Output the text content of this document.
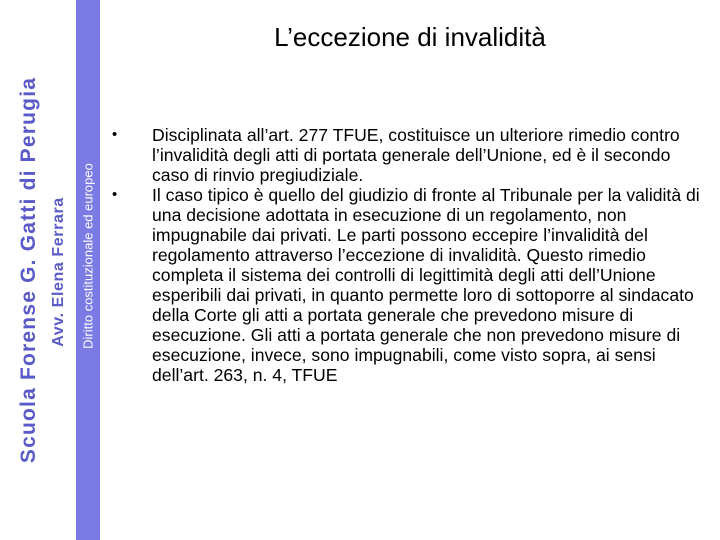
Scuola Forense G. Gatti di Perugia Avv. Elena Ferrara Diritto costituzionale ed europeo
L’eccezione di invalidità
• Disciplinata all’art. 277 TFUE, costituisce un ulteriore rimedio contro l’invalidità degli atti di portata generale dell’Unione, ed è il secondo caso di rinvio pregiudiziale.
• Il caso tipico è quello del giudizio di fronte al Tribunale per la validità di una decisione adottata in esecuzione di un regolamento, non impugnabile dai privati. Le parti possono eccepire l’invalidità del regolamento attraverso l’eccezione di invalidità. Questo rimedio completa il sistema dei controlli di legittimità degli atti dell’Unione esperibili dai privati, in quanto permette loro di sottoporre al sindacato della Corte gli atti a portata generale che prevedono misure di esecuzione. Gli atti a portata generale che non prevedono misure di esecuzione, invece, sono impugnabili, come visto sopra, ai sensi dell’art. 263, n. 4, TFUE
